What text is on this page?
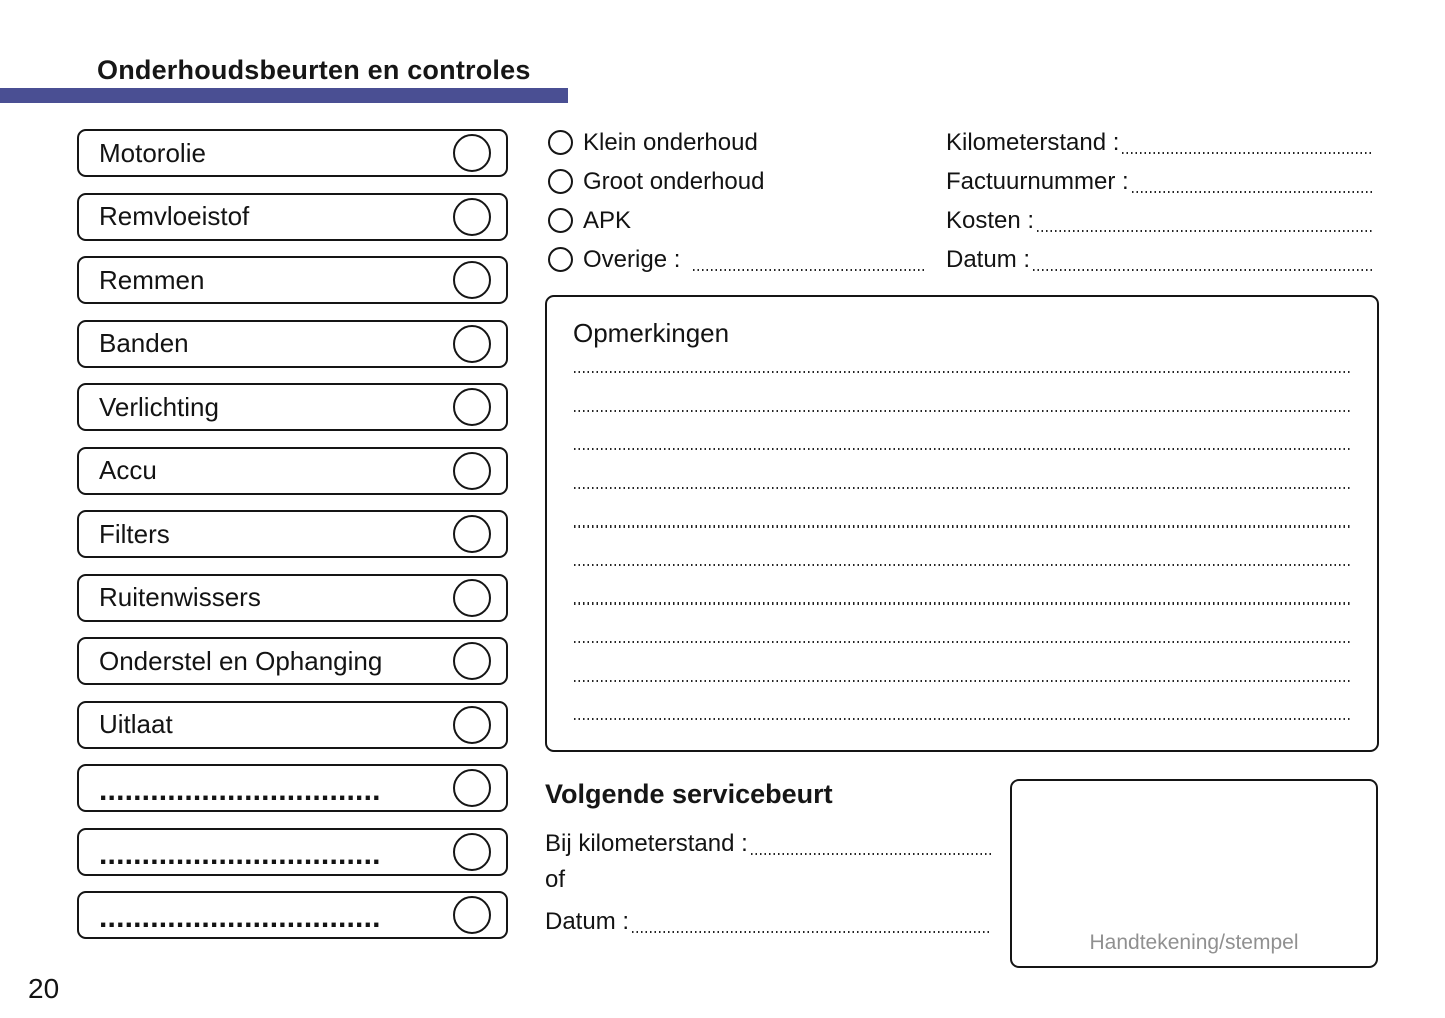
Onderhoudsbeurten en controles
Motorolie
Remvloeistof
Remmen
Banden
Verlichting
Accu
Filters
Ruitenwissers
Onderstel en Ophanging
Uitlaat
.................................
.................................
.................................
Klein onderhoud
Groot onderhoud
APK
Overige :
Kilometerstand :
Factuurnummer :
Kosten :
Datum :
Opmerkingen
Volgende servicebeurt
Bij kilometerstand :
of
Datum :
Handtekening/stempel
20
